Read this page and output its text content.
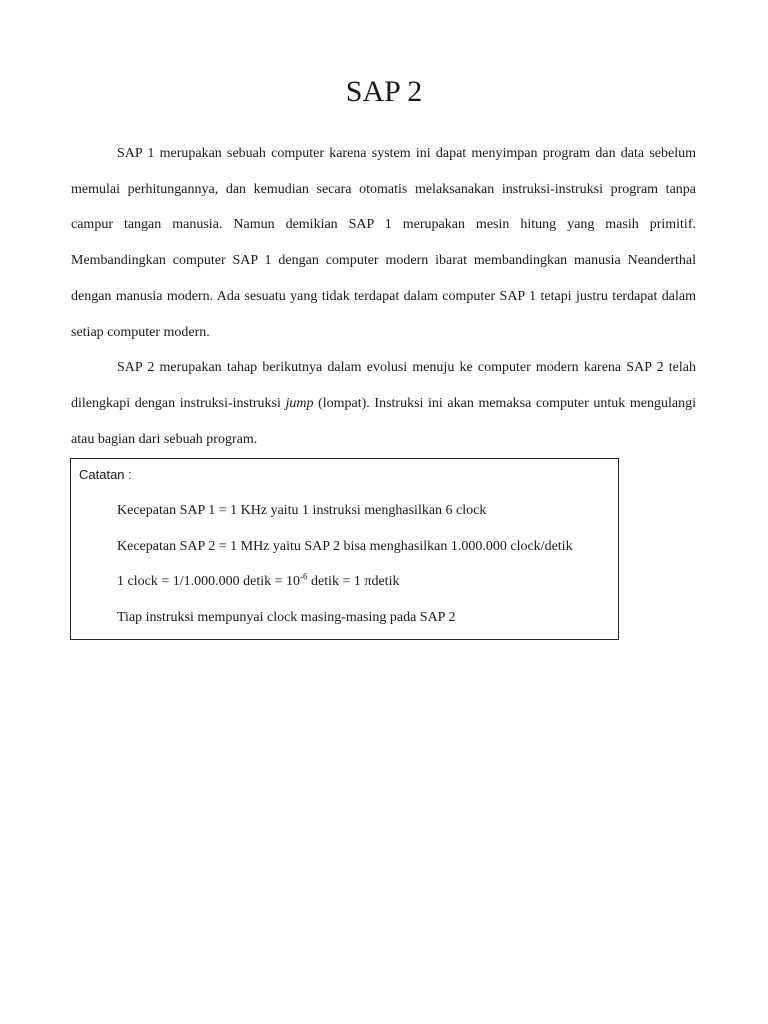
SAP 2

SAP 1 merupakan sebuah computer karena system ini dapat menyimpan program dan data sebelum memulai perhitungannya, dan kemudian secara otomatis melaksanakan instruksi-instruksi program tanpa campur tangan manusia. Namun demikian SAP 1 merupakan mesin hitung yang masih primitif. Membandingkan computer SAP 1 dengan computer modern ibarat membandingkan manusia Neanderthal dengan manusia modern. Ada sesuatu yang tidak terdapat dalam computer SAP 1 tetapi justru terdapat dalam setiap computer modern.

SAP 2 merupakan tahap berikutnya dalam evolusi menuju ke computer modern karena SAP 2 telah dilengkapi dengan instruksi-instruksi jump (lompat). Instruksi ini akan memaksa computer untuk mengulangi atau bagian dari sebuah program.

Catatan :

Kecepatan SAP 1 = 1 KHz yaitu 1 instruksi menghasilkan 6 clock

Kecepatan SAP 2 = 1 MHz yaitu SAP 2 bisa menghasilkan 1.000.000 clock/detik

1 clock = 1/1.000.000 detik = $10^{-6}$ detik = 1 πdetik

Tiap instruksi mempunyai clock masing-masing pada SAP 2
